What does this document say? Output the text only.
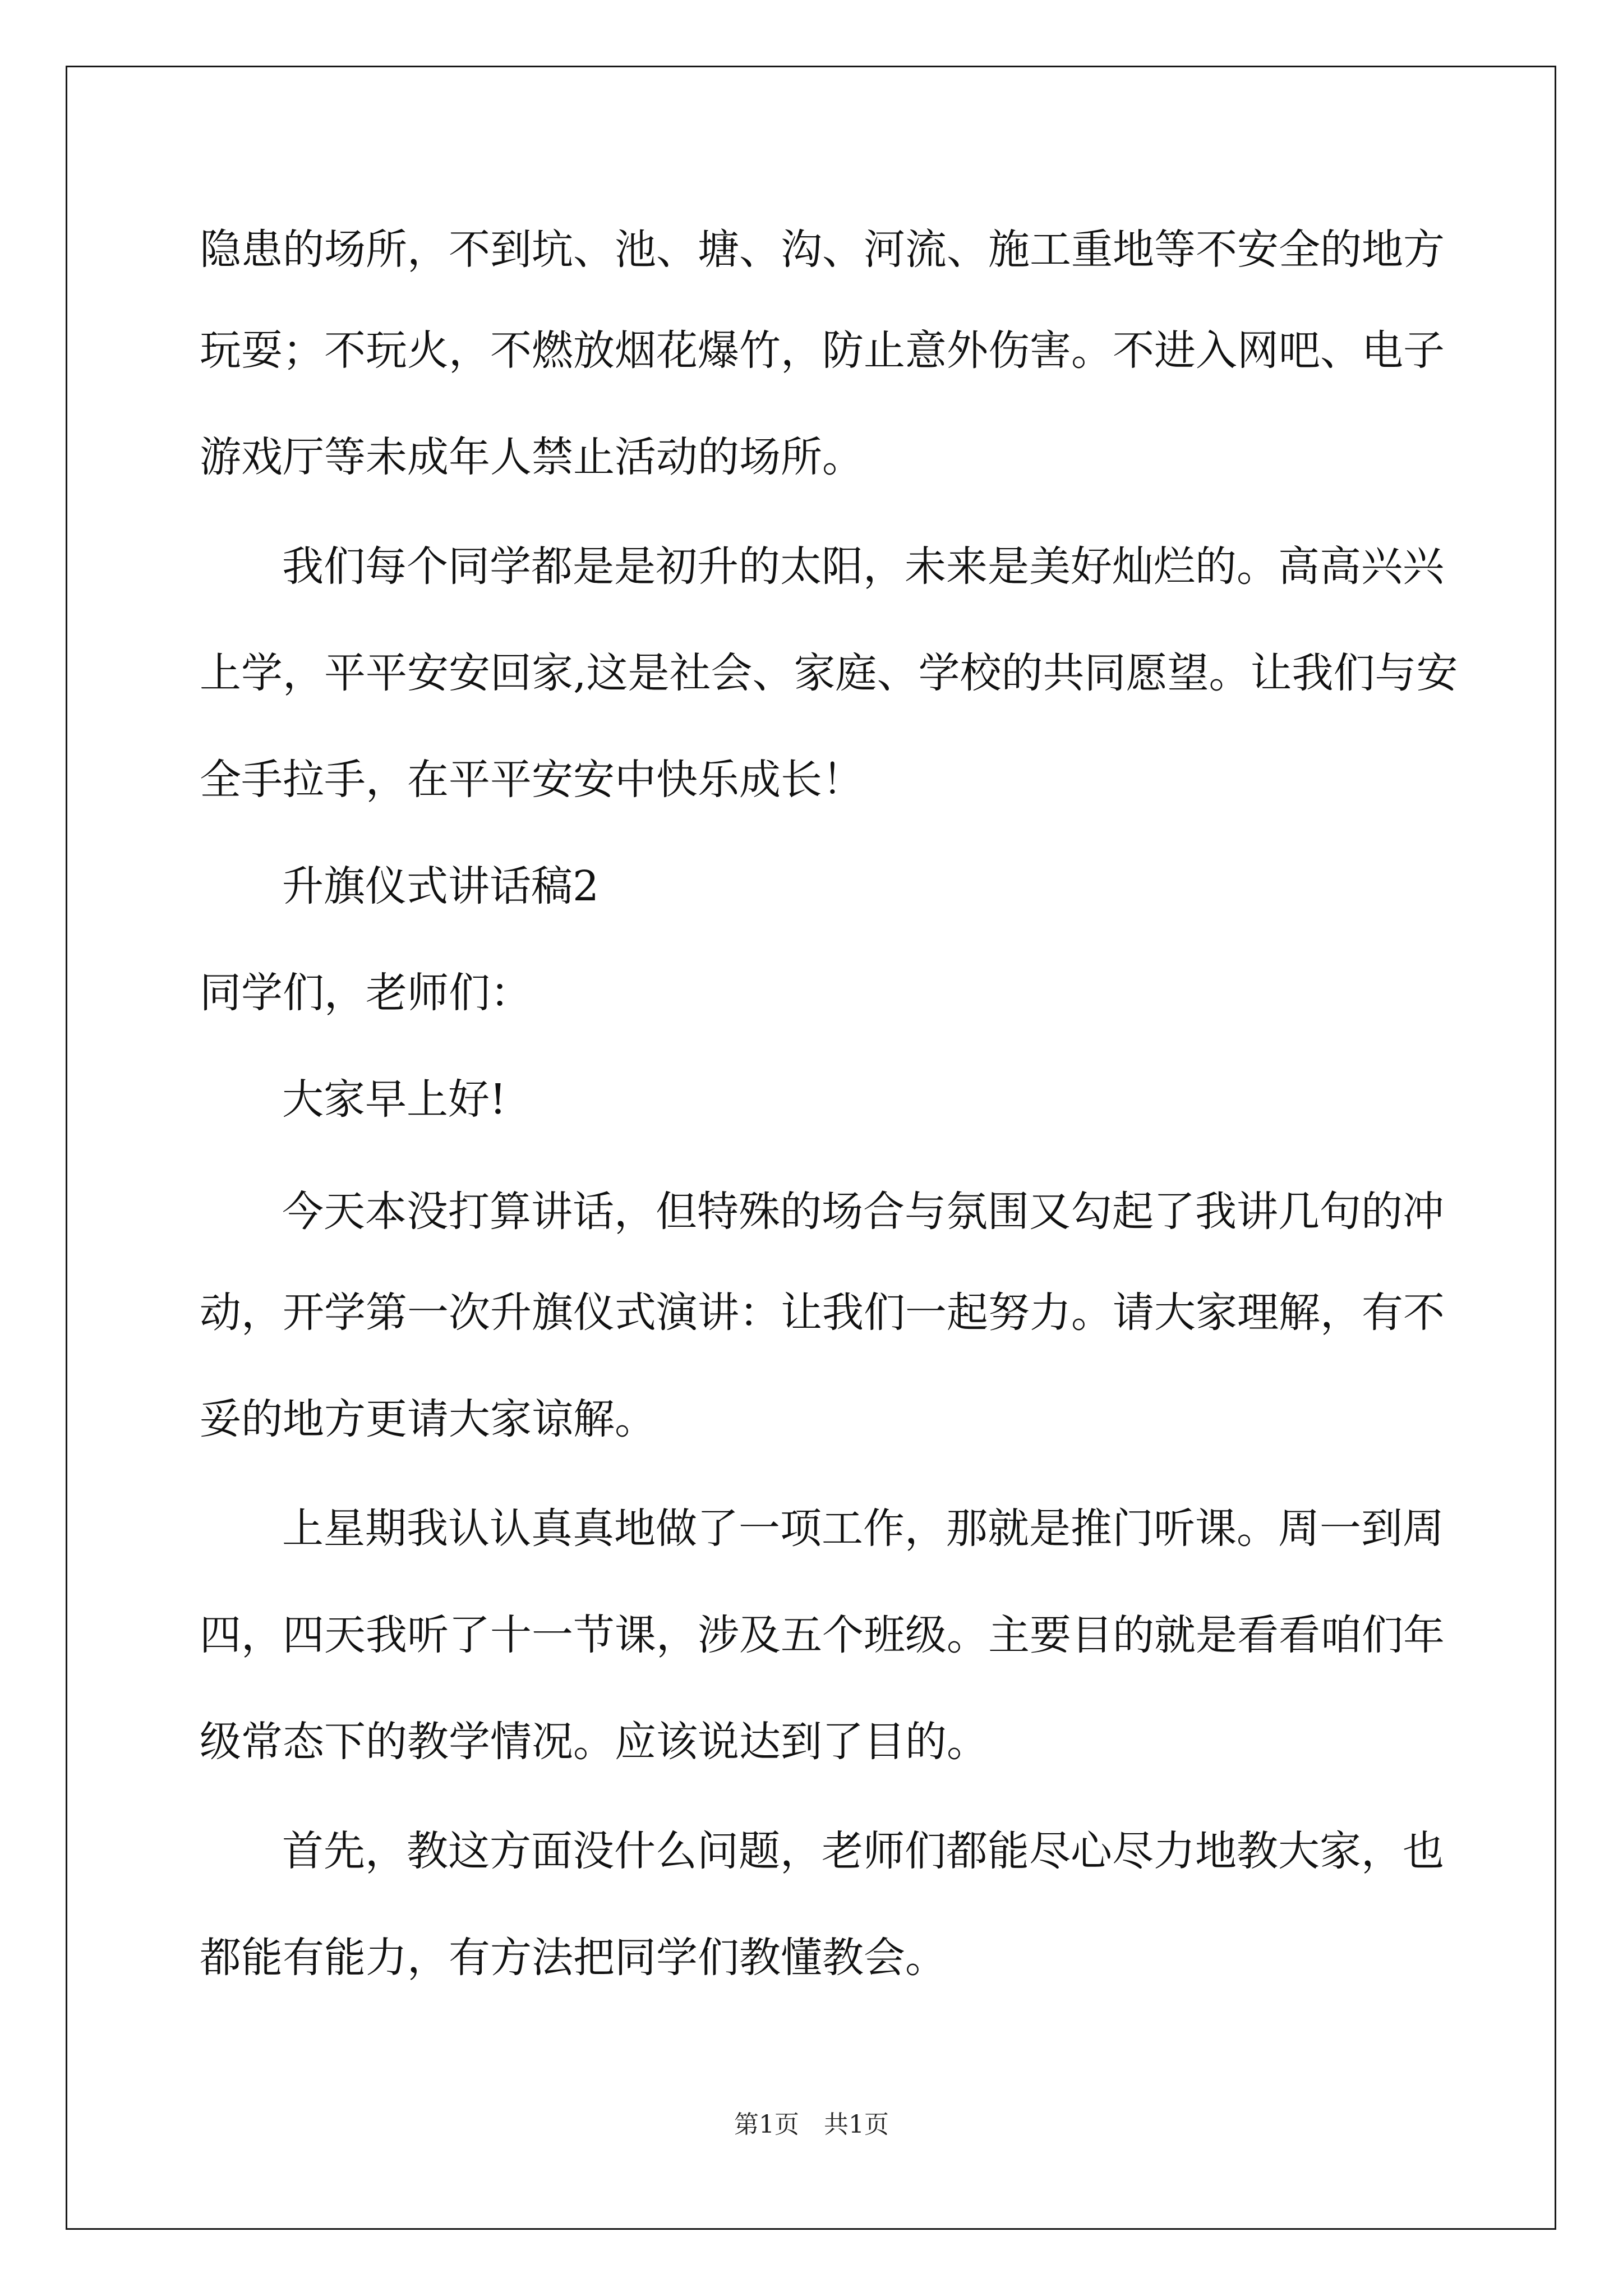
隐患的场所，不到坑、池、塘、沟、河流、施工重地等不安全的地方
玩耍；不玩火，不燃放烟花爆竹，防止意外伤害。不进入网吧、电子
游戏厅等未成年人禁止活动的场所。
我们每个同学都是是初升的太阳，未来是美好灿烂的。高高兴兴
上学，平平安安回家,这是社会、家庭、学校的共同愿望。让我们与安
全手拉手，在平平安安中快乐成长！
升旗仪式讲话稿2
同学们，老师们：
大家早上好!
今天本没打算讲话，但特殊的场合与氛围又勾起了我讲几句的冲
动，开学第一次升旗仪式演讲：让我们一起努力。请大家理解，有不
妥的地方更请大家谅解。
上星期我认认真真地做了一项工作，那就是推门听课。周一到周
四，四天我听了十一节课，涉及五个班级。主要目的就是看看咱们年
级常态下的教学情况。应该说达到了目的。
首先，教这方面没什么问题，老师们都能尽心尽力地教大家，也
都能有能力，有方法把同学们教懂教会。
第1页 共1页
